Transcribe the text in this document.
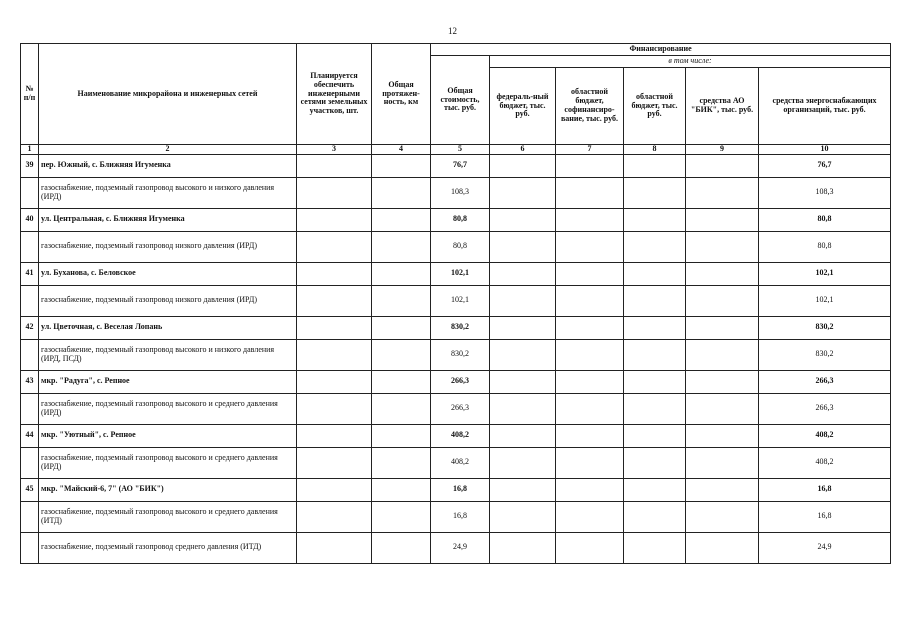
12
№ п/п	Наименование микрорайона и инженерных сетей	Планируется обеспечить инженерными сетями земельных участков, шт.	Общая протяжен-ность, км	Финансирование					
				Общая стоимость, тыс. руб.	в том числе:				
					федераль-ный бюджет, тыс. руб.	областной бюджет, софинансиро-вание, тыс. руб.	областной бюджет, тыс. руб.	средства АО "БИК", тыс. руб.	средства энергоснабжающих организаций, тыс. руб.
1	2	3	4	5	6	7	8	9	10
39	пер. Южный, с. Ближняя Игуменка			76,7					76,7
	газоснабжение, подземный газопровод высокого и низкого давления (ИРД)			108,3					108,3
40	ул. Центральная, с. Ближняя Игуменка			80,8					80,8
	газоснабжение, подземный газопровод низкого давления (ИРД)			80,8					80,8
41	ул. Буханова, с. Беловское			102,1					102,1
	газоснабжение, подземный газопровод низкого давления (ИРД)			102,1					102,1
42	ул. Цветочная, с. Веселая Лопань			830,2					830,2
	газоснабжение, подземный газопровод высокого и низкого давления (ИРД, ПСД)			830,2					830,2
43	мкр. "Радуга", с. Репное			266,3					266,3
	газоснабжение, подземный газопровод высокого и среднего давления (ИРД)			266,3					266,3
44	мкр. "Уютный", с. Репное			408,2					408,2
	газоснабжение, подземный газопровод высокого и среднего давления (ИРД)			408,2					408,2
45	мкр. "Майский-6, 7" (АО "БИК")			16,8					16,8
	газоснабжение, подземный газопровод высокого и среднего давления (ИТД)			16,8					16,8
	газоснабжение, подземный газопровод среднего давления (ИТД)			24,9					24,9
